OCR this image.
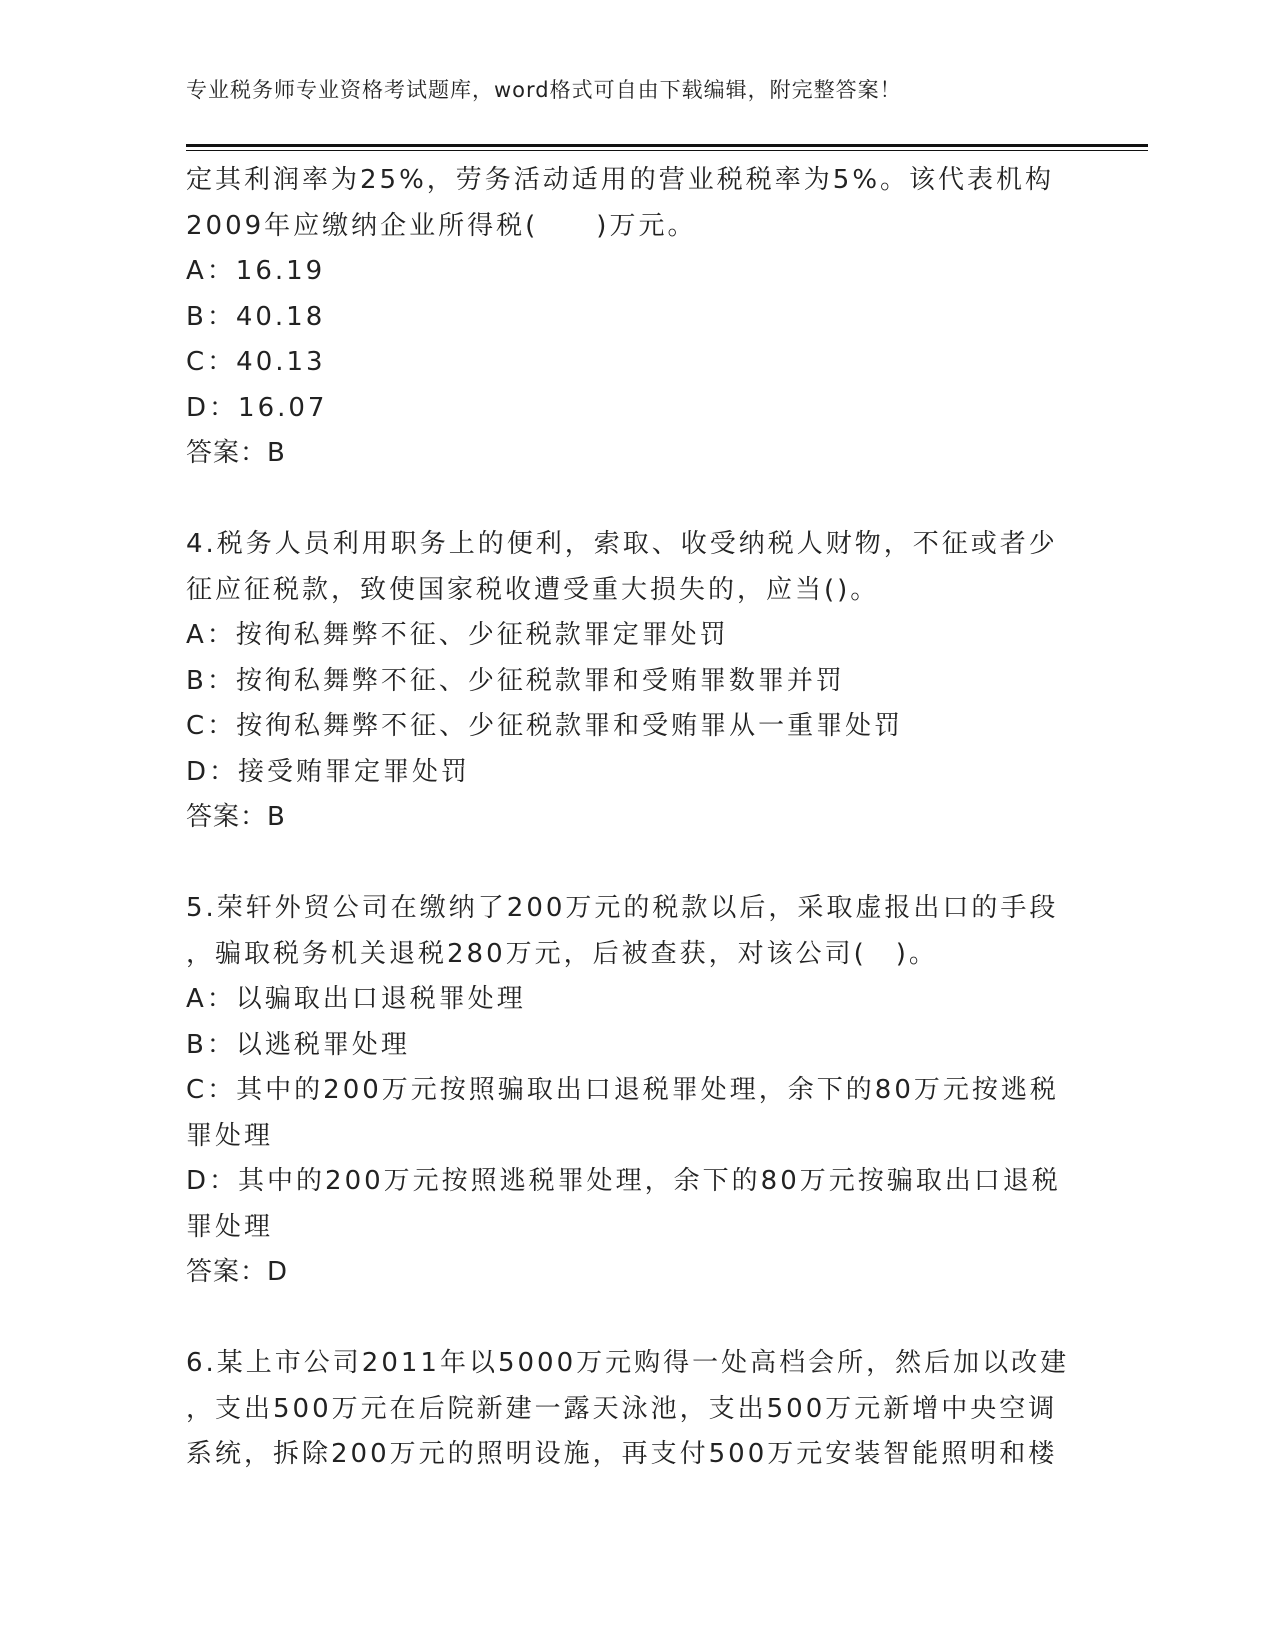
专业税务师专业资格考试题库，word格式可自由下载编辑，附完整答案！
定其利润率为25%，劳务活动适用的营业税税率为5%。该代表机构
2009年应缴纳企业所得税(　　)万元。
A：16.19
B：40.18
C：40.13
D：16.07
答案：B
4.税务人员利用职务上的便利，索取、收受纳税人财物，不征或者少
征应征税款，致使国家税收遭受重大损失的，应当()。
A：按徇私舞弊不征、少征税款罪定罪处罚
B：按徇私舞弊不征、少征税款罪和受贿罪数罪并罚
C：按徇私舞弊不征、少征税款罪和受贿罪从一重罪处罚
D：接受贿罪定罪处罚
答案：B
5.荣轩外贸公司在缴纳了200万元的税款以后，采取虚报出口的手段
，骗取税务机关退税280万元，后被查获，对该公司(　)。
A：以骗取出口退税罪处理
B：以逃税罪处理
C：其中的200万元按照骗取出口退税罪处理，余下的80万元按逃税
罪处理
D：其中的200万元按照逃税罪处理，余下的80万元按骗取出口退税
罪处理
答案：D
6.某上市公司2011年以5000万元购得一处高档会所，然后加以改建
，支出500万元在后院新建一露天泳池，支出500万元新增中央空调
系统，拆除200万元的照明设施，再支付500万元安装智能照明和楼
